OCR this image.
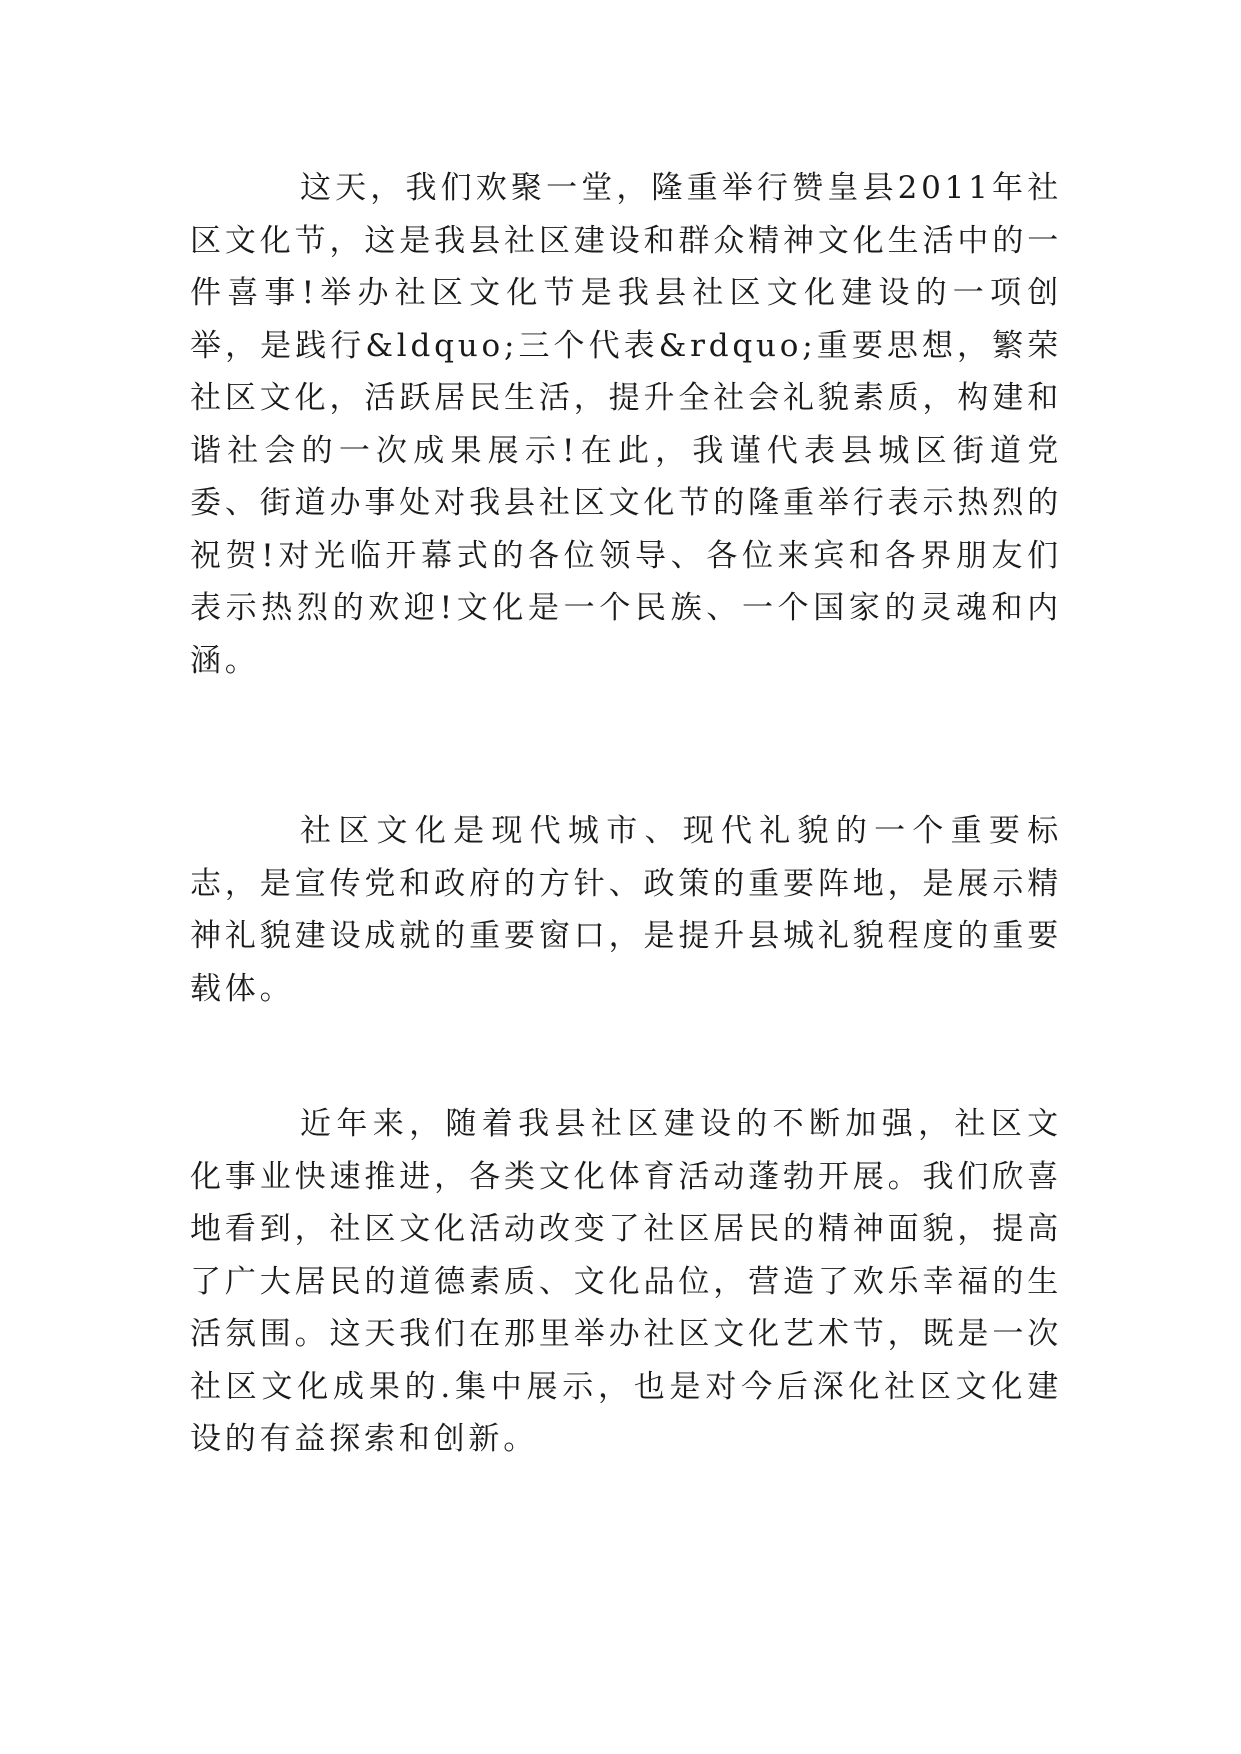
这天，我们欢聚一堂，隆重举行赞皇县2011年社区文化节，这是我县社区建设和群众精神文化生活中的一件喜事!举办社区文化节是我县社区文化建设的一项创举，是践行&ldquo;三个代表&rdquo;重要思想，繁荣社区文化，活跃居民生活，提升全社会礼貌素质，构建和谐社会的一次成果展示!在此，我谨代表县城区街道党委、街道办事处对我县社区文化节的隆重举行表示热烈的祝贺!对光临开幕式的各位领导、各位来宾和各界朋友们表示热烈的欢迎!文化是一个民族、一个国家的灵魂和内涵。

社区文化是现代城市、现代礼貌的一个重要标志，是宣传党和政府的方针、政策的重要阵地，是展示精神礼貌建设成就的重要窗口，是提升县城礼貌程度的重要载体。

近年来，随着我县社区建设的不断加强，社区文化事业快速推进，各类文化体育活动蓬勃开展。我们欣喜地看到，社区文化活动改变了社区居民的精神面貌，提高了广大居民的道德素质、文化品位，营造了欢乐幸福的生活氛围。这天我们在那里举办社区文化艺术节，既是一次社区文化成果的.集中展示，也是对今后深化社区文化建设的有益探索和创新。
